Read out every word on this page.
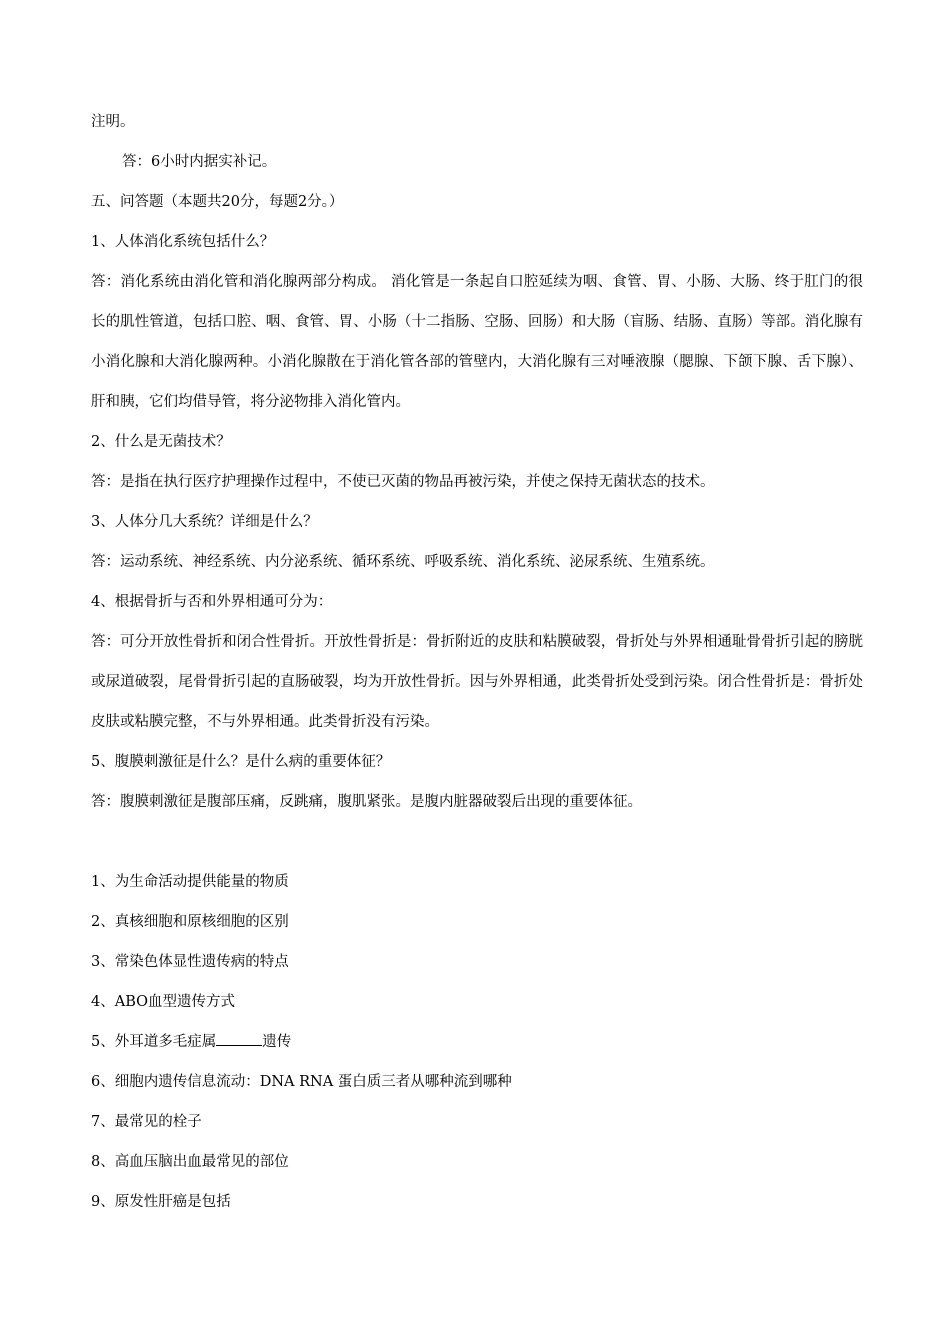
注明。

答：6小时内据实补记。

五、问答题（本题共20分，每题2分。）

1、人体消化系统包括什么？

答：消化系统由消化管和消化腺两部分构成。 消化管是一条起自口腔延续为咽、食管、胃、小肠、大肠、终于肛门的很长的肌性管道，包括口腔、咽、食管、胃、小肠（十二指肠、空肠、回肠）和大肠（盲肠、结肠、直肠）等部。消化腺有小消化腺和大消化腺两种。小消化腺散在于消化管各部的管壁内，大消化腺有三对唾液腺（腮腺、下颌下腺、舌下腺）、肝和胰，它们均借导管，将分泌物排入消化管内。

2、什么是无菌技术？

答：是指在执行医疗护理操作过程中，不使已灭菌的物品再被污染，并使之保持无菌状态的技术。

3、人体分几大系统？详细是什么？

答：运动系统、神经系统、内分泌系统、循环系统、呼吸系统、消化系统、泌尿系统、生殖系统。

4、根据骨折与否和外界相通可分为：

答：可分开放性骨折和闭合性骨折。开放性骨折是：骨折附近的皮肤和粘膜破裂，骨折处与外界相通耻骨骨折引起的膀胱或尿道破裂，尾骨骨折引起的直肠破裂，均为开放性骨折。因与外界相通，此类骨折处受到污染。闭合性骨折是：骨折处皮肤或粘膜完整，不与外界相通。此类骨折没有污染。

5、腹膜刺激征是什么？是什么病的重要体征？

答：腹膜刺激征是腹部压痛，反跳痛，腹肌紧张。是腹内脏器破裂后出现的重要体征。

1、为生命活动提供能量的物质

2、真核细胞和原核细胞的区别

3、常染色体显性遗传病的特点

4、ABO血型遗传方式

5、外耳道多毛症属	遗传

6、细胞内遗传信息流动：DNA RNA 蛋白质三者从哪种流到哪种

7、最常见的栓子

8、高血压脑出血最常见的部位

9、原发性肝癌是包括
